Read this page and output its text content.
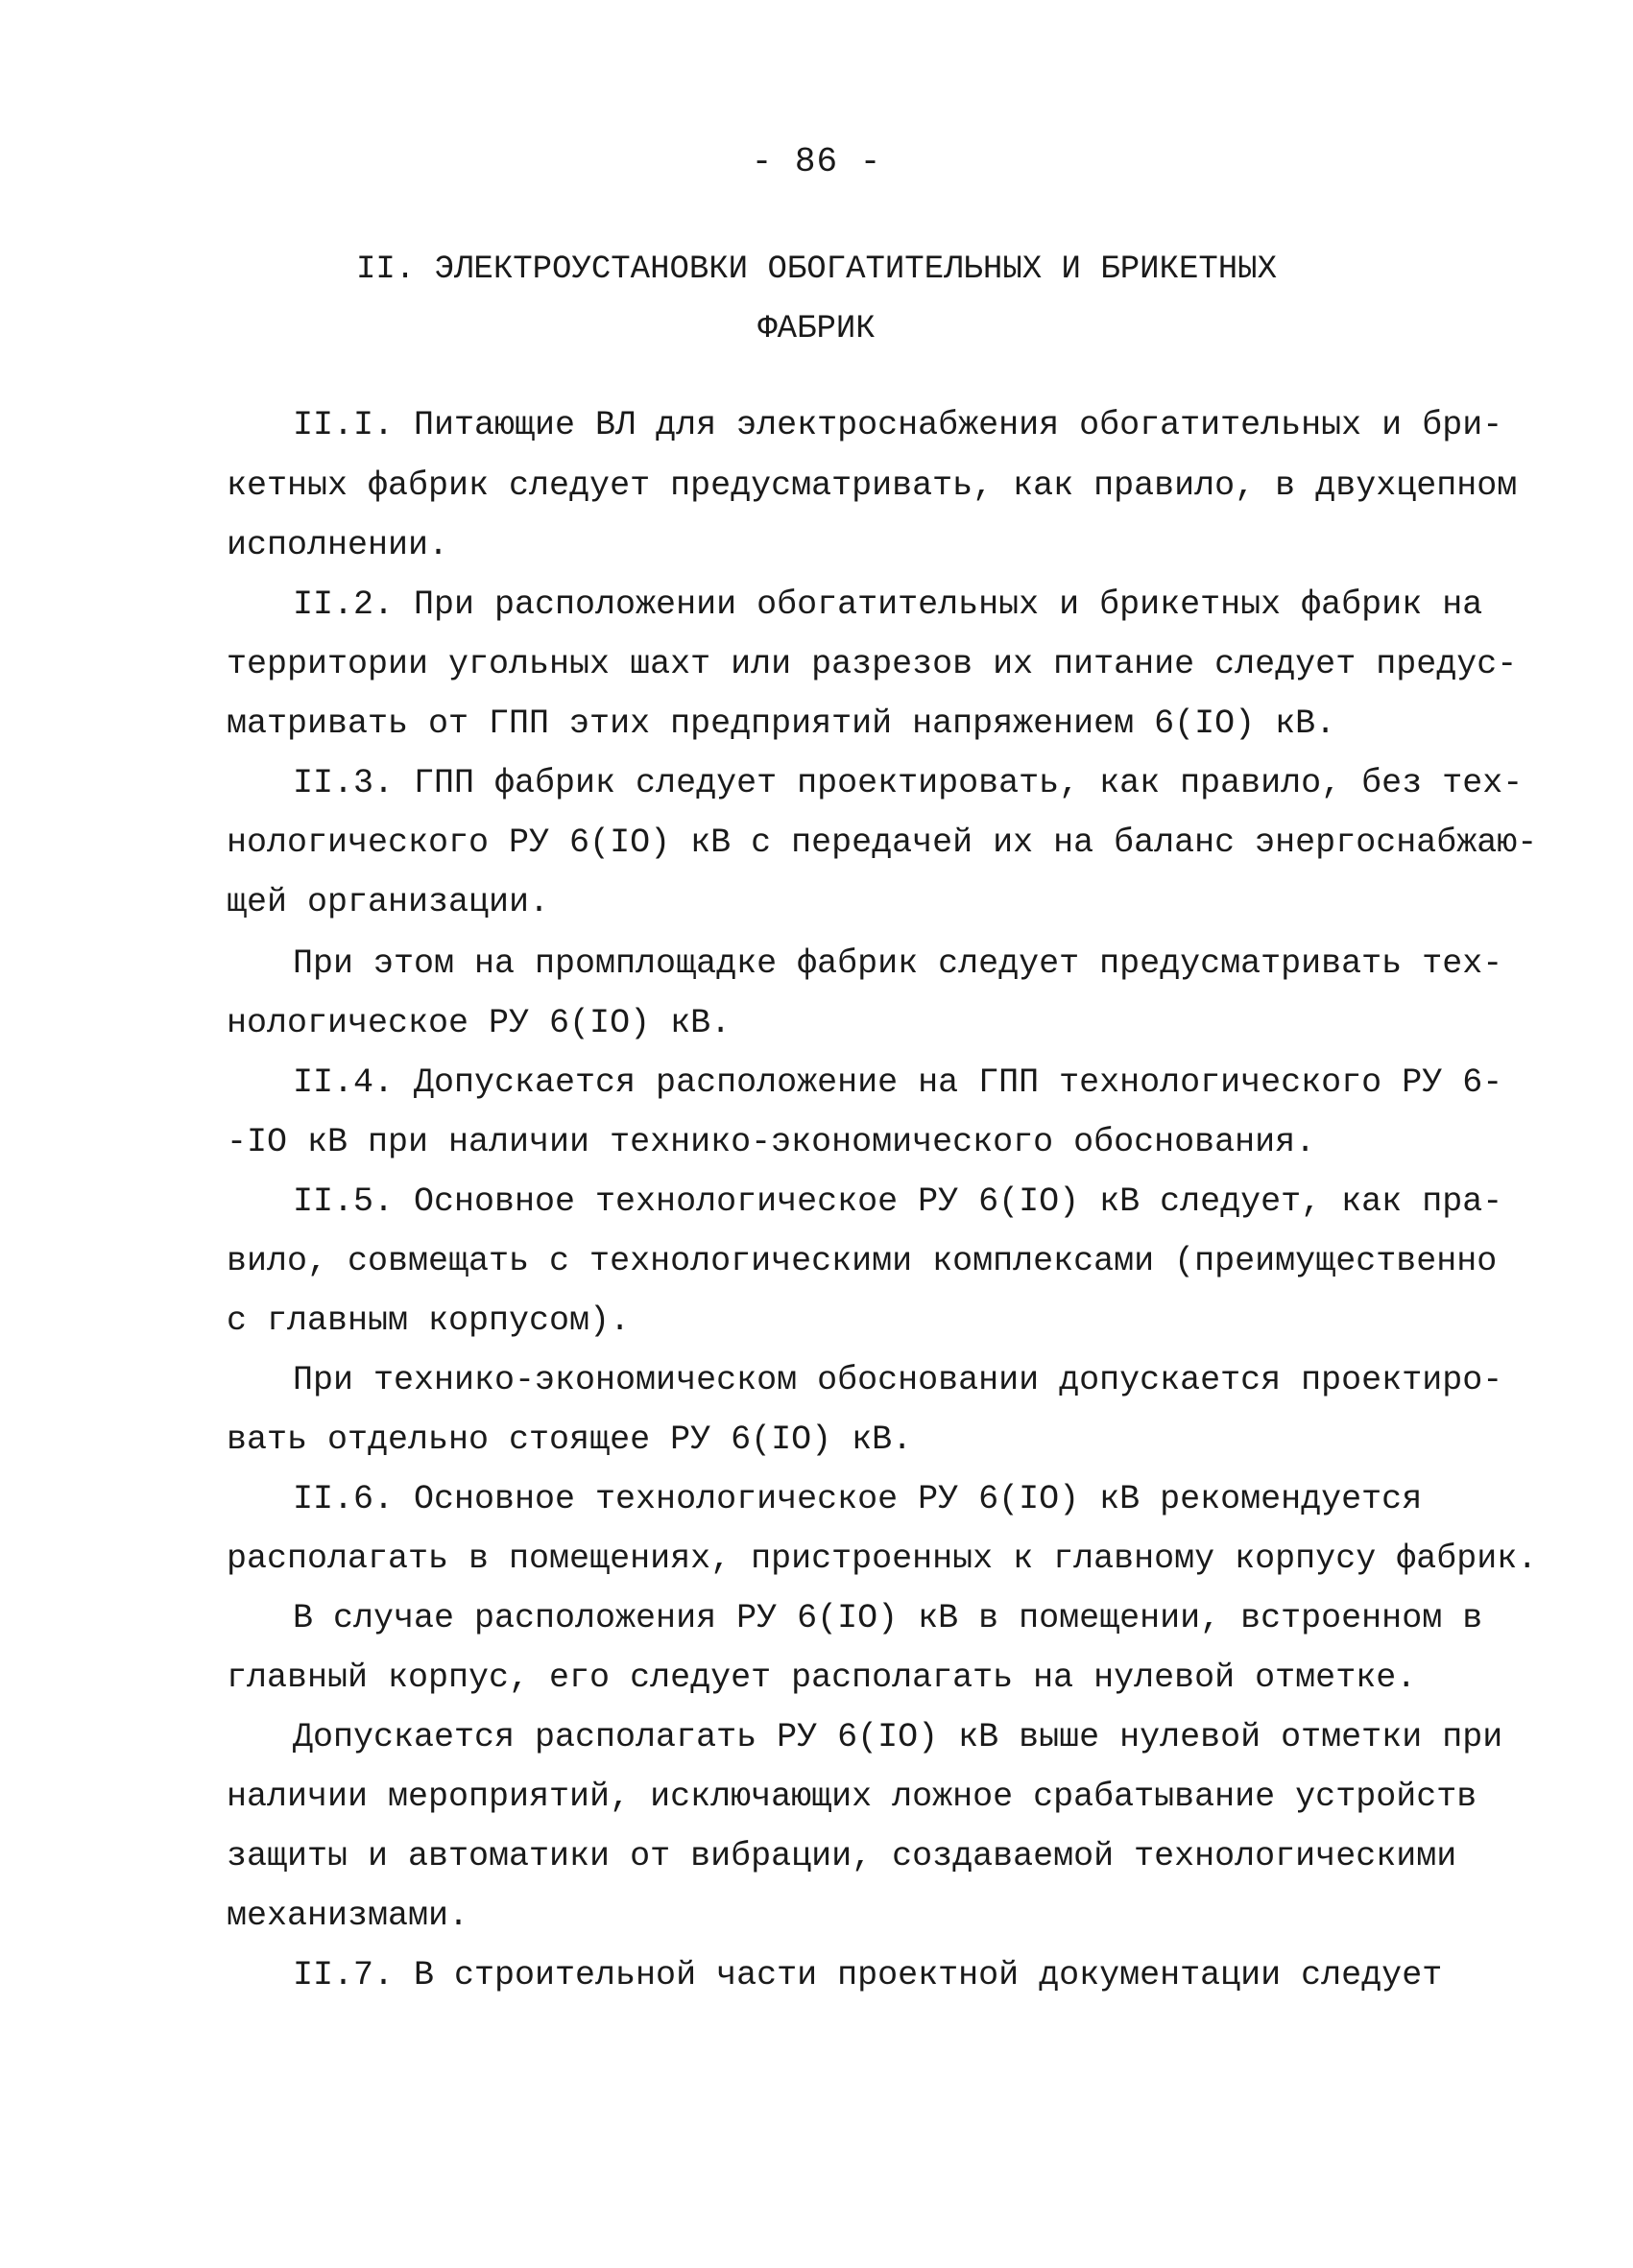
- 86 -
II. ЭЛЕКТРОУСТАНОВКИ ОБОГАТИТЕЛЬНЫХ И БРИКЕТНЫХ
ФАБРИК
II.I. Питающие ВЛ для электроснабжения обогатительных и бри-
кетных фабрик следует предусматривать, как правило, в двухцепном
исполнении.
II.2. При расположении обогатительных и брикетных фабрик на
территории угольных шахт или разрезов их питание следует предус-
матривать от ГПП этих предприятий напряжением 6(IO) кВ.
II.3. ГПП фабрик следует проектировать, как правило, без тех-
нологического РУ 6(IO) кВ с передачей их на баланс энергоснабжаю-
щей организации.
При этом на промплощадке фабрик следует предусматривать тех-
нологическое РУ 6(IO) кВ.
II.4. Допускается расположение на ГПП технологического РУ 6-
-IO кВ при наличии технико-экономического обоснования.
II.5. Основное технологическое РУ 6(IO) кВ следует, как пра-
вило, совмещать с технологическими комплексами (преимущественно
с главным корпусом).
При технико-экономическом обосновании допускается проектиро-
вать отдельно стоящее РУ 6(IO) кВ.
II.6. Основное технологическое РУ 6(IO) кВ рекомендуется
располагать в помещениях, пристроенных к главному корпусу фабрик.
В случае расположения РУ 6(IO) кВ в помещении, встроенном в
главный корпус, его следует располагать на нулевой отметке.
Допускается располагать РУ 6(IO) кВ выше нулевой отметки при
наличии мероприятий, исключающих ложное срабатывание устройств
защиты и автоматики от вибрации, создаваемой технологическими
механизмами.
II.7. В строительной части проектной документации следует
